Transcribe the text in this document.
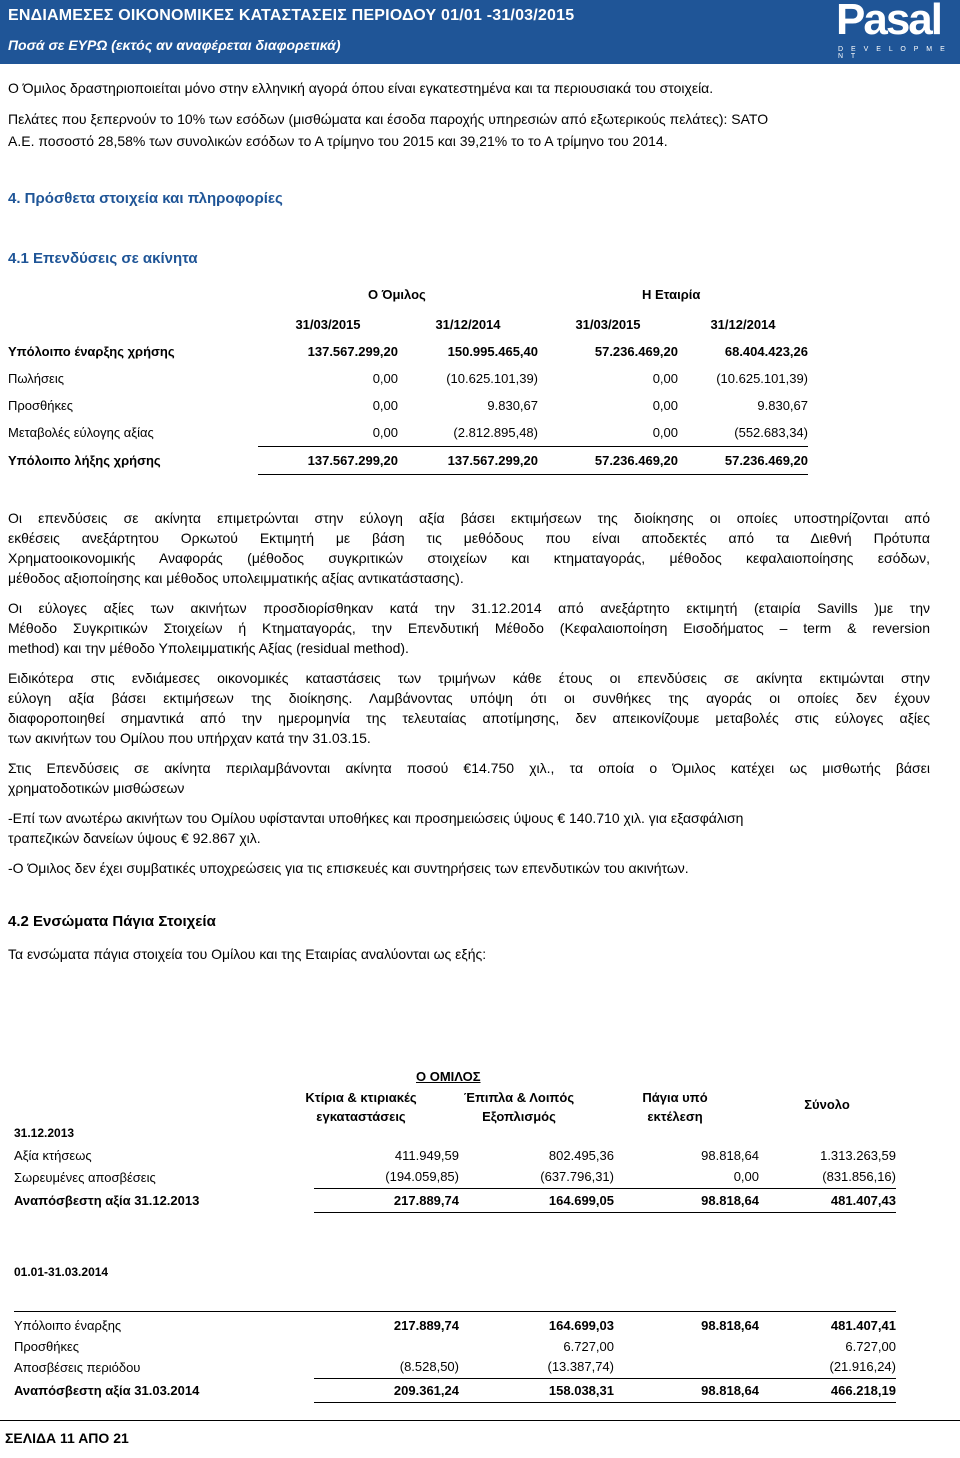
ΕΝΔΙΑΜΕΣΕΣ ΟΙΚΟΝΟΜΙΚΕΣ ΚΑΤΑΣΤΑΣΕΙΣ ΠΕΡΙΟΔΟΥ 01/01 -31/03/2015
Ποσά σε ΕΥΡΩ (εκτός αν αναφέρεται διαφορετικά)
Pasal
D E V E L O P M E N T

Ο Όμιλος δραστηριοποιείται μόνο στην ελληνική αγορά όπου είναι εγκατεστημένα και τα περιουσιακά του στοιχεία.

Πελάτες που ξεπερνούν το 10% των εσόδων (μισθώματα και έσοδα παροχής υπηρεσιών από εξωτερικούς πελάτες): SATO

Α.Ε. ποσοστό 28,58% των συνολικών εσόδων το Α τρίμηνο του 2015 και 39,21% το το Α τρίμηνο του 2014.

4. Πρόσθετα στοιχεία και πληροφορίες
4.1 Επενδύσεις σε ακίνητα
Ο Όμιλος	Η Εταιρία
	31/03/2015	31/12/2014	31/03/2015	31/12/2014
Υπόλοιπο έναρξης χρήσης	137.567.299,20	150.995.465,40	57.236.469,20	68.404.423,26
Πωλήσεις	0,00	(10.625.101,39)	0,00	(10.625.101,39)
Προσθήκες	0,00	9.830,67	0,00	9.830,67
Μεταβολές εύλογης αξίας	0,00	(2.812.895,48)	0,00	(552.683,34)
Υπόλοιπο λήξης χρήσης	137.567.299,20	137.567.299,20	57.236.469,20	57.236.469,20

Οι επενδύσεις σε ακίνητα επιμετρώνται στην εύλογη αξία βάσει εκτιμήσεων της διοίκησης οι οποίες υποστηρίζονται από

εκθέσεις ανεξάρτητου Ορκωτού Εκτιμητή με βάση τις μεθόδους που είναι αποδεκτές από τα Διεθνή Πρότυπα

Χρηματοοικονομικής Αναφοράς (μέθοδος συγκριτικών στοιχείων και κτηματαγοράς, μέθοδος κεφαλαιοποίησης εσόδων,

μέθοδος αξιοποίησης και μέθοδος υπολειμματικής αξίας αντικατάστασης).

Οι εύλογες αξίες των ακινήτων προσδιορίσθηκαν κατά την 31.12.2014 από ανεξάρτητο εκτιμητή (εταιρία Savills )με την

Μέθοδο Συγκριτικών Στοιχείων ή Κτηματαγοράς, την Επενδυτική Μέθοδο (Κεφαλαιοποίηση Εισοδήματος – term & reversion

method) και την μέθοδο Υπολειμματικής Αξίας (residual method).

Ειδικότερα στις ενδιάμεσες οικονομικές καταστάσεις των τριμήνων κάθε έτους οι επενδύσεις σε ακίνητα εκτιμώνται στην

εύλογη αξία βάσει εκτιμήσεων της διοίκησης. Λαμβάνοντας υπόψη ότι οι συνθήκες της αγοράς οι οποίες δεν έχουν

διαφοροποιηθεί σημαντικά από την ημερομηνία της τελευταίας αποτίμησης, δεν απεικονίζουμε μεταβολές στις εύλογες αξίες

των ακινήτων του Ομίλου που υπήρχαν κατά την 31.03.15.

Στις Επενδύσεις σε ακίνητα περιλαμβάνονται ακίνητα ποσού €14.750 χιλ., τα οποία ο Όμιλος κατέχει ως μισθωτής βάσει

χρηματοδοτικών μισθώσεων

-Επί των ανωτέρω ακινήτων του Ομίλου υφίστανται υποθήκες και προσημειώσεις ύψους € 140.710 χιλ. για εξασφάλιση

τραπεζικών δανείων ύψους € 92.867 χιλ.

-Ο Όμιλος δεν έχει συμβατικές υποχρεώσεις για τις επισκευές και συντηρήσεις των επενδυτικών του ακινήτων.

4.2 Ενσώματα Πάγια Στοιχεία

Τα ενσώματα πάγια στοιχεία του Ομίλου και της Εταιρίας αναλύονται ως εξής:

Ο ΟΜΙΛΟΣ
Κτίρια & κτιριακές
εγκαταστάσεις
Έπιπλα & Λοιπός
Εξοπλισμός
Πάγια υπό
εκτέλεση
Σύνολο
31.12.2013
Αξία κτήσεως	411.949,59	802.495,36	98.818,64	1.313.263,59
Σωρευμένες αποσβέσεις	(194.059,85)	(637.796,31)	0,00	(831.856,16)
Αναπόσβεστη αξία 31.12.2013	217.889,74	164.699,05	98.818,64	481.407,43
01.01-31.03.2014
Υπόλοιπο έναρξης	217.889,74	164.699,03	98.818,64	481.407,41
Προσθήκες		6.727,00		6.727,00
Αποσβέσεις περιόδου	(8.528,50)	(13.387,74)		(21.916,24)
Αναπόσβεστη αξία 31.03.2014	209.361,24	158.038,31	98.818,64	466.218,19
ΣΕΛΙΔΑ 11 ΑΠΟ 21
